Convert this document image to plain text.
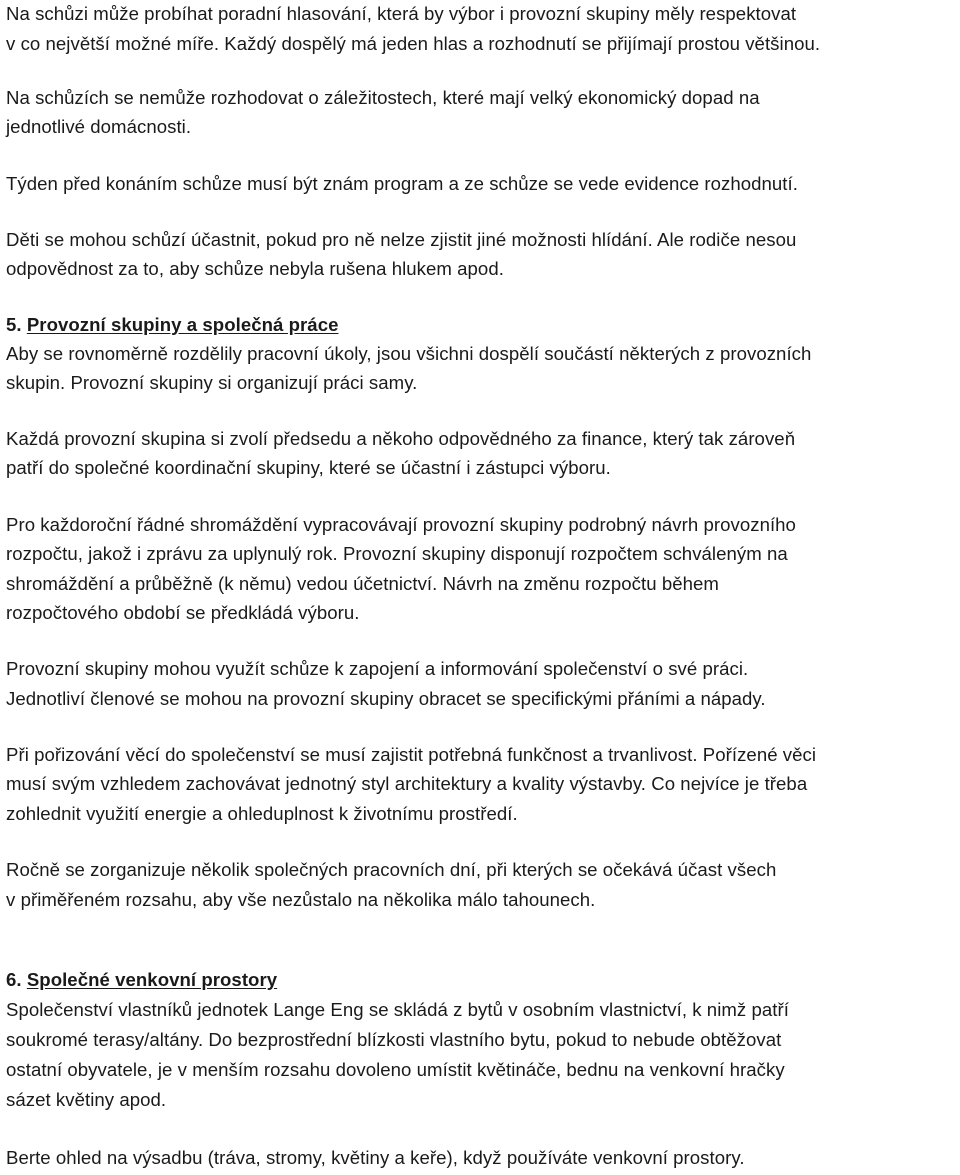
Na schůzi může probíhat poradní hlasování, která by výbor i provozní skupiny měly respektovat
v co největší možné míře. Každý dospělý má jeden hlas a rozhodnutí se přijímají prostou většinou.
Na schůzích se nemůže rozhodovat o záležitostech, které mají velký ekonomický dopad na
jednotlivé domácnosti.
Týden před konáním schůze musí být znám program a ze schůze se vede evidence rozhodnutí.
Děti se mohou schůzí účastnit, pokud pro ně nelze zjistit jiné možnosti hlídání. Ale rodiče nesou
odpovědnost za to, aby schůze nebyla rušena hlukem apod.
5. Provozní skupiny a společná práce
Aby se rovnoměrně rozdělily pracovní úkoly, jsou všichni dospělí součástí některých z provozních
skupin. Provozní skupiny si organizují práci samy.
Každá provozní skupina si zvolí předsedu a někoho odpovědného za finance, který tak zároveň
patří do společné koordinační skupiny, které se účastní i zástupci výboru.
Pro každoroční řádné shromáždění vypracovávají provozní skupiny podrobný návrh provozního
rozpočtu, jakož i zprávu za uplynulý rok. Provozní skupiny disponují rozpočtem schváleným na
shromáždění a průběžně (k němu) vedou účetnictví. Návrh na změnu rozpočtu během
rozpočtového období se předkládá výboru.
Provozní skupiny mohou využít schůze k zapojení a informování společenství o své práci.
Jednotliví členové se mohou na provozní skupiny obracet se specifickými přáními a nápady.
Při pořizování věcí do společenství se musí zajistit potřebná funkčnost a trvanlivost. Pořízené věci
musí svým vzhledem zachovávat jednotný styl architektury a kvality výstavby. Co nejvíce je třeba
zohlednit využití energie a ohleduplnost k životnímu prostředí.
Ročně se zorganizuje několik společných pracovních dní, při kterých se očekává účast všech
v přiměřeném rozsahu, aby vše nezůstalo na několika málo tahounech.
6. Společné venkovní prostory
Společenství vlastníků jednotek Lange Eng se skládá z bytů v osobním vlastnictví, k nimž patří
soukromé terasy/altány. Do bezprostřední blízkosti vlastního bytu, pokud to nebude obtěžovat
ostatní obyvatele, je v menším rozsahu dovoleno umístit květináče, bednu na venkovní hračky
sázet květiny apod.
Berte ohled na výsadbu (tráva, stromy, květiny a keře), když používáte venkovní prostory.
